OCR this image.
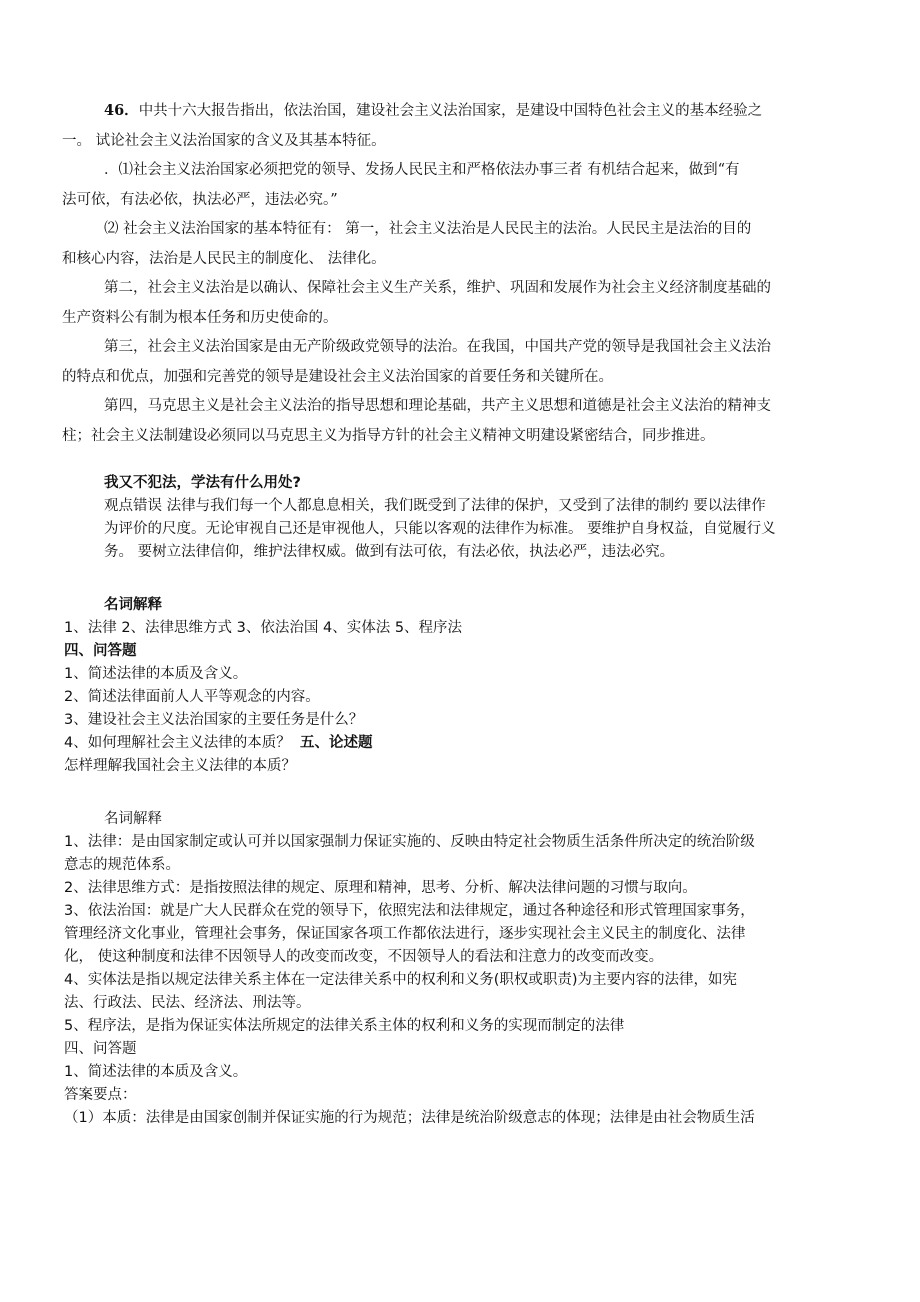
46．中共十六大报告指出，依法治国，建设社会主义法治国家，是建设中国特色社会主义的基本经验之
一。 试论社会主义法治国家的含义及其基本特征。
．⑴社会主义法治国家必须把党的领导、发扬人民民主和严格依法办事三者 有机结合起来，做到“有
法可依，有法必依，执法必严，违法必究。”
⑵ 社会主义法治国家的基本特征有： 第一，社会主义法治是人民民主的法治。人民民主是法治的目的
和核心内容，法治是人民民主的制度化、 法律化。
第二，社会主义法治是以确认、保障社会主义生产关系，维护、巩固和发展作为社会主义经济制度基础的
生产资料公有制为根本任务和历史使命的。
第三，社会主义法治国家是由无产阶级政党领导的法治。在我国，中国共产党的领导是我国社会主义法治
的特点和优点，加强和完善党的领导是建设社会主义法治国家的首要任务和关键所在。
第四，马克思主义是社会主义法治的指导思想和理论基础，共产主义思想和道德是社会主义法治的精神支
柱；社会主义法制建设必须同以马克思主义为指导方针的社会主义精神文明建设紧密结合，同步推进。
我又不犯法，学法有什么用处?
观点错误 法律与我们每一个人都息息相关，我们既受到了法律的保护，又受到了法律的制约 要以法律作
为评价的尺度。无论审视自己还是审视他人，只能以客观的法律作为标准。 要维护自身权益，自觉履行义
务。 要树立法律信仰，维护法律权威。做到有法可依，有法必依，执法必严，违法必究。
名词解释
1、法律 2、法律思维方式 3、依法治国 4、实体法 5、程序法
四、问答题
1、简述法律的本质及含义。
2、简述法律面前人人平等观念的内容。
3、建设社会主义法治国家的主要任务是什么？
4、如何理解社会主义法律的本质？ 五、论述题
怎样理解我国社会主义法律的本质？
名词解释
1、法律：是由国家制定或认可并以国家强制力保证实施的、反映由特定社会物质生活条件所决定的统治阶级
意志的规范体系。
2、法律思维方式：是指按照法律的规定、原理和精神，思考、分析、解决法律问题的习惯与取向。
3、依法治国：就是广大人民群众在党的领导下，依照宪法和法律规定，通过各种途径和形式管理国家事务，
管理经济文化事业，管理社会事务，保证国家各项工作都依法进行，逐步实现社会主义民主的制度化、法律
化， 使这种制度和法律不因领导人的改变而改变，不因领导人的看法和注意力的改变而改变。
4、实体法是指以规定法律关系主体在一定法律关系中的权利和义务(职权或职责)为主要内容的法律，如宪
法、行政法、民法、经济法、刑法等。
5、程序法，是指为保证实体法所规定的法律关系主体的权利和义务的实现而制定的法律
四、问答题
1、简述法律的本质及含义。
答案要点：
（1）本质：法律是由国家创制并保证实施的行为规范；法律是统治阶级意志的体现；法律是由社会物质生活
